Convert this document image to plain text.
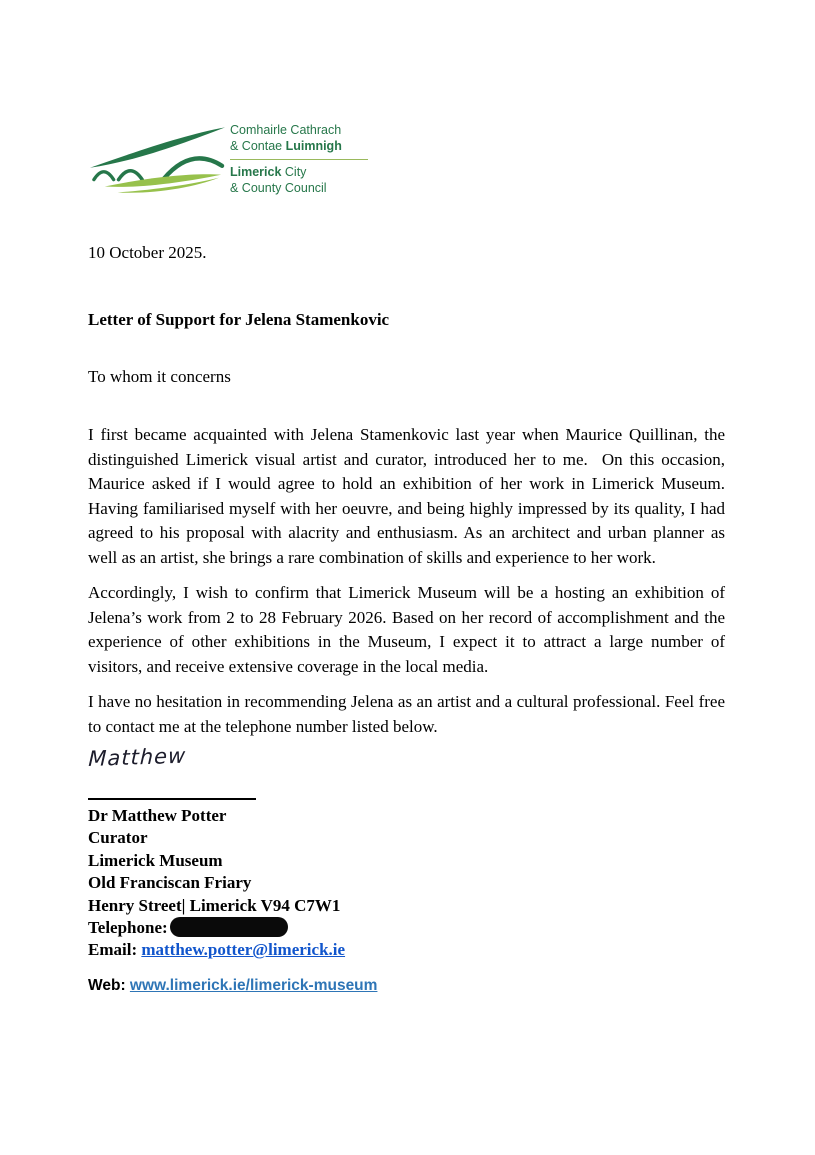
Comhairle Cathrach
& Contae Luimnigh
Limerick City
& County Council
10 October 2025.
Letter of Support for Jelena Stamenkovic
To whom it concerns

I first became acquainted with Jelena Stamenkovic last year when Maurice Quillinan, the distinguished Limerick visual artist and curator, introduced her to me.  On this occasion, Maurice asked if I would agree to hold an exhibition of her work in Limerick Museum. Having familiarised myself with her oeuvre, and being highly impressed by its quality, I had agreed to his proposal with alacrity and enthusiasm. As an architect and urban planner as well as an artist, she brings a rare combination of skills and experience to her work.

Accordingly, I wish to confirm that Limerick Museum will be a hosting an exhibition of Jelena’s work from 2 to 28 February 2026. Based on her record of accomplishment and the experience of other exhibitions in the Museum, I expect it to attract a large number of visitors, and receive extensive coverage in the local media.

I have no hesitation in recommending Jelena as an artist and a cultural professional. Feel free to contact me at the telephone number listed below.

Matthew
Dr Matthew Potter
Curator
Limerick Museum
Old Franciscan Friary
Henry Street| Limerick V94 C7W1
Telephone:
Email: matthew.potter@limerick.ie
Web: www.limerick.ie/limerick-museum
